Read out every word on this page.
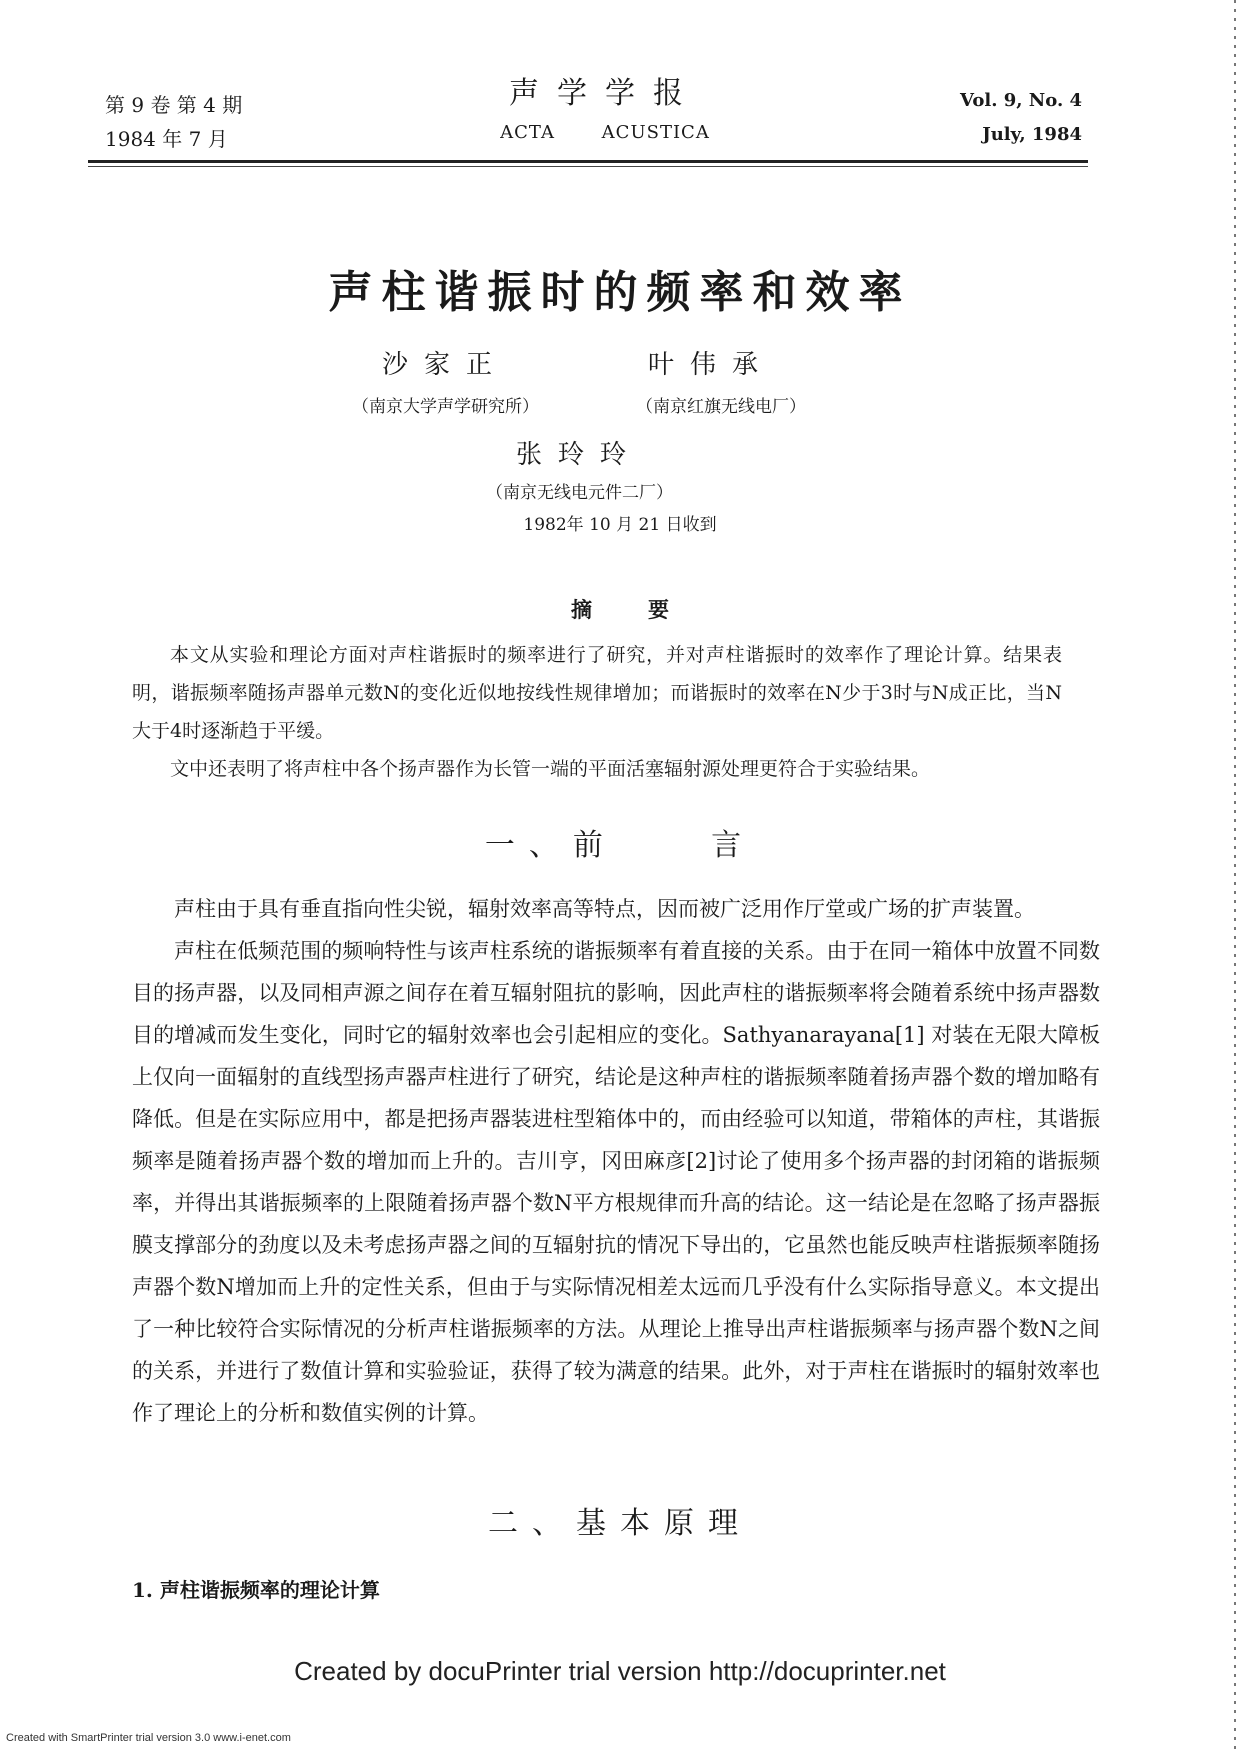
第 9 卷 第 4 期
1984 年 7 月
声学学报
ACTA ACUSTICA
Vol. 9, No. 4
July, 1984
声柱谐振时的频率和效率
沙家正
（南京大学声学研究所）
叶伟承
（南京红旗无线电厂）
张玲玲
（南京无线电元件二厂）
1982年 10 月 21 日收到
摘要

本文从实验和理论方面对声柱谐振时的频率进行了研究，并对声柱谐振时的效率作了理论计算。结果表明，谐振频率随扬声器单元数N的变化近似地按线性规律增加；而谐振时的效率在N少于3时与N成正比，当N大于4时逐渐趋于平缓。

文中还表明了将声柱中各个扬声器作为长管一端的平面活塞辐射源处理更符合于实验结果。

一、前    言

声柱由于具有垂直指向性尖锐，辐射效率高等特点，因而被广泛用作厅堂或广场的扩声装置。

声柱在低频范围的频响特性与该声柱系统的谐振频率有着直接的关系。由于在同一箱体中放置不同数目的扬声器，以及同相声源之间存在着互辐射阻抗的影响，因此声柱的谐振频率将会随着系统中扬声器数目的增减而发生变化，同时它的辐射效率也会引起相应的变化。Sathyanarayana[1] 对装在无限大障板上仅向一面辐射的直线型扬声器声柱进行了研究，结论是这种声柱的谐振频率随着扬声器个数的增加略有降低。但是在实际应用中，都是把扬声器装进柱型箱体中的，而由经验可以知道，带箱体的声柱，其谐振频率是随着扬声器个数的增加而上升的。吉川亨，冈田麻彦[2]讨论了使用多个扬声器的封闭箱的谐振频率，并得出其谐振频率的上限随着扬声器个数N平方根规律而升高的结论。这一结论是在忽略了扬声器振膜支撑部分的劲度以及未考虑扬声器之间的互辐射抗的情况下导出的，它虽然也能反映声柱谐振频率随扬声器个数N增加而上升的定性关系，但由于与实际情况相差太远而几乎没有什么实际指导意义。本文提出了一种比较符合实际情况的分析声柱谐振频率的方法。从理论上推导出声柱谐振频率与扬声器个数N之间的关系，并进行了数值计算和实验验证，获得了较为满意的结果。此外，对于声柱在谐振时的辐射效率也作了理论上的分析和数值实例的计算。

二、基本原理
1. 声柱谐振频率的理论计算
Created by docuPrinter trial version http://docuprinter.net
Created with SmartPrinter trial version 3.0 www.i-enet.com
